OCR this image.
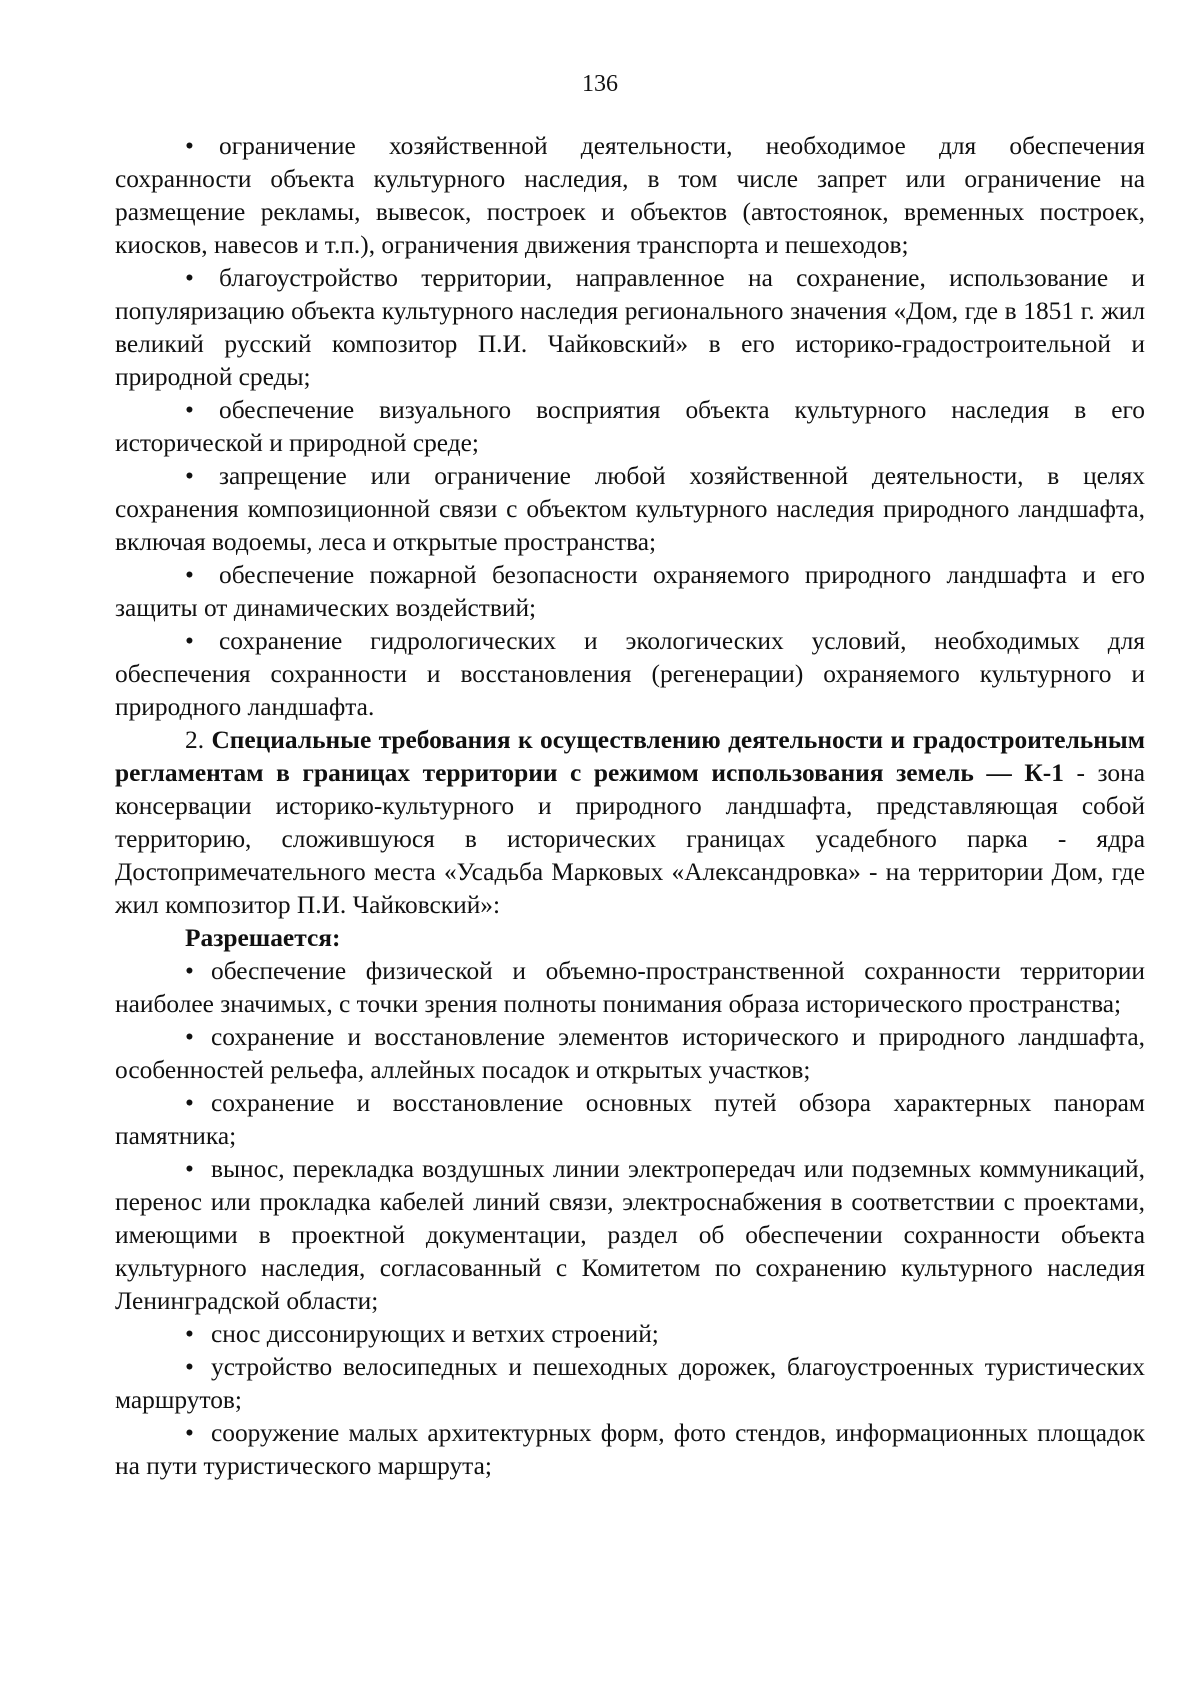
136

• ограничение хозяйственной деятельности, необходимое для обеспечения сохранности объекта культурного наследия, в том числе запрет или ограничение на размещение рекламы, вывесок, построек и объектов (автостоянок, временных построек, киосков, навесов и т.п.), ограничения движения транспорта и пешеходов;

• благоустройство территории, направленное на сохранение, использование и популяризацию объекта культурного наследия регионального значения «Дом, где в 1851 г. жил великий русский композитор П.И. Чайковский» в его историко-градостроительной и природной среды;

• обеспечение визуального восприятия объекта культурного наследия в его исторической и природной среде;

• запрещение или ограничение любой хозяйственной деятельности, в целях сохранения композиционной связи с объектом культурного наследия природного ландшафта, включая водоемы, леса и открытые пространства;

• обеспечение пожарной безопасности охраняемого природного ландшафта и его защиты от динамических воздействий;

• сохранение гидрологических и экологических условий, необходимых для обеспечения сохранности и восстановления (регенерации) охраняемого культурного и природного ландшафта.

2. Специальные требования к осуществлению деятельности и градостроительным регламентам в границах территории с режимом использования земель — К-1 - зона консервации историко-культурного и природного ландшафта, представляющая собой территорию, сложившуюся в исторических границах усадебного парка - ядра Достопримечательного места «Усадьба Марковых «Александровка» - на территории Дом, где жил композитор П.И. Чайковский»:

Разрешается:

• обеспечение физической и объемно-пространственной сохранности территории наиболее значимых, с точки зрения полноты понимания образа исторического пространства;

• сохранение и восстановление элементов исторического и природного ландшафта, особенностей рельефа, аллейных посадок и открытых участков;

• сохранение и восстановление основных путей обзора характерных панорам памятника;

• вынос, перекладка воздушных линии электропередач или подземных коммуникаций, перенос или прокладка кабелей линий связи, электроснабжения в соответствии с проектами, имеющими в проектной документации, раздел об обеспечении сохранности объекта культурного наследия, согласованный с Комитетом по сохранению культурного наследия Ленинградской области;

• снос диссонирующих и ветхих строений;

• устройство велосипедных и пешеходных дорожек, благоустроенных туристических маршрутов;

• сооружение малых архитектурных форм, фото стендов, информационных площадок на пути туристического маршрута;
